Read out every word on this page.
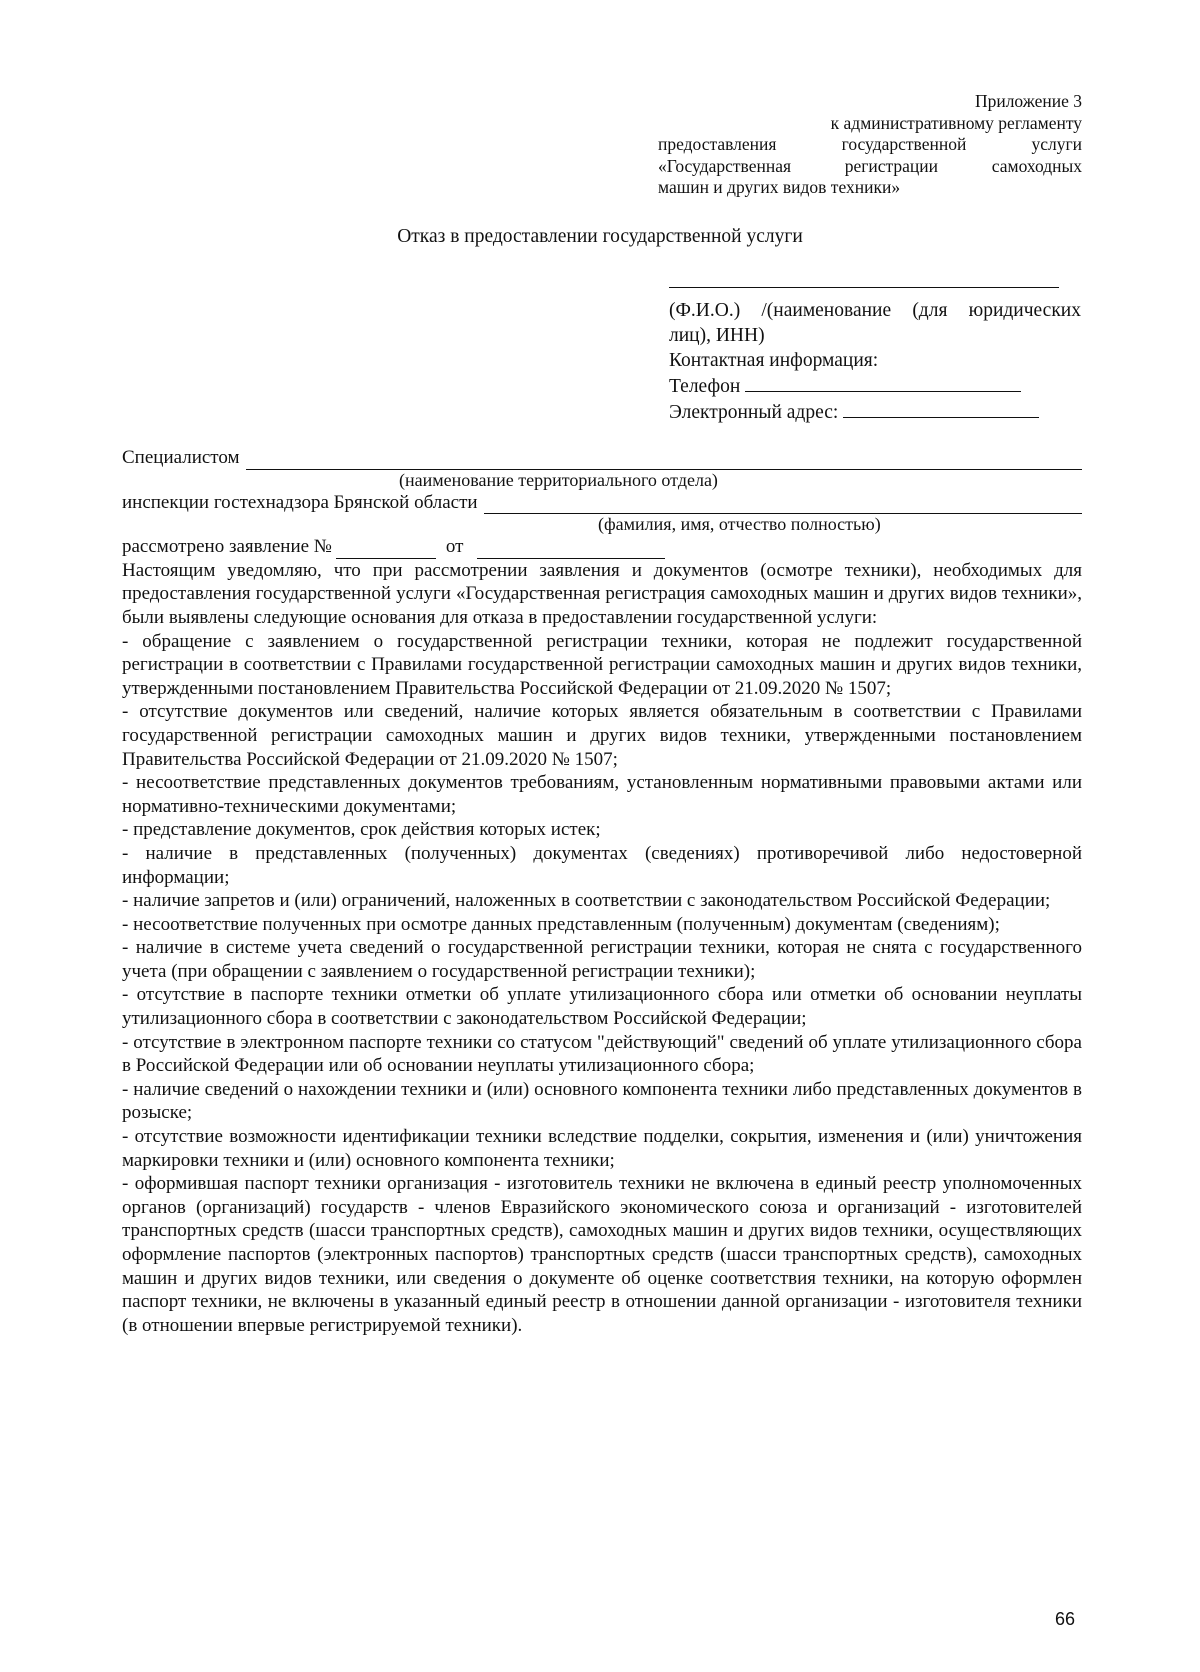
Приложение 3
к административному регламенту
предоставления государственной услуги
«Государственная регистрации самоходных
машин и других видов техники»
Отказ в предоставлении государственной услуги
(Ф.И.О.) /(наименование (для юридических
лиц), ИНН)
Контактная информация:
Телефон
Электронный адрес:
Специалистом
(наименование территориального отдела)
инспекции гостехнадзора Брянской области
(фамилия, имя, отчество полностью)
рассмотрено заявление №	от

Настоящим уведомляю, что при рассмотрении заявления и документов (осмотре техники), необходимых для предоставления государственной услуги «Государственная регистрация самоходных машин и других видов техники», были выявлены следующие основания для отказа в предоставлении государственной услуги:

- обращение с заявлением о государственной регистрации техники, которая не подлежит государственной регистрации в соответствии с Правилами государственной регистрации самоходных машин и других видов техники, утвержденными постановлением Правительства Российской Федерации от 21.09.2020 № 1507;

- отсутствие документов или сведений, наличие которых является обязательным в соответствии с Правилами государственной регистрации самоходных машин и других видов техники, утвержденными постановлением Правительства Российской Федерации от 21.09.2020 № 1507;

- несоответствие представленных документов требованиям, установленным нормативными правовыми актами или нормативно-техническими документами;

- представление документов, срок действия которых истек;

- наличие в представленных (полученных) документах (сведениях) противоречивой либо недостоверной информации;

- наличие запретов и (или) ограничений, наложенных в соответствии с законодательством Российской Федерации;

- несоответствие полученных при осмотре данных представленным (полученным) документам (сведениям);

- наличие в системе учета сведений о государственной регистрации техники, которая не снята с государственного учета (при обращении с заявлением о государственной регистрации техники);

- отсутствие в паспорте техники отметки об уплате утилизационного сбора или отметки об основании неуплаты утилизационного сбора в соответствии с законодательством Российской Федерации;

- отсутствие в электронном паспорте техники со статусом "действующий" сведений об уплате утилизационного сбора в Российской Федерации или об основании неуплаты утилизационного сбора;

- наличие сведений о нахождении техники и (или) основного компонента техники либо представленных документов в розыске;

- отсутствие возможности идентификации техники вследствие подделки, сокрытия, изменения и (или) уничтожения маркировки техники и (или) основного компонента техники;

- оформившая паспорт техники организация - изготовитель техники не включена в единый реестр уполномоченных органов (организаций) государств - членов Евразийского экономического союза и организаций - изготовителей транспортных средств (шасси транспортных средств), самоходных машин и других видов техники, осуществляющих оформление паспортов (электронных паспортов) транспортных средств (шасси транспортных средств), самоходных машин и других видов техники, или сведения о документе об оценке соответствия техники, на которую оформлен паспорт техники, не включены в указанный единый реестр в отношении данной организации - изготовителя техники (в отношении впервые регистрируемой техники).

66
